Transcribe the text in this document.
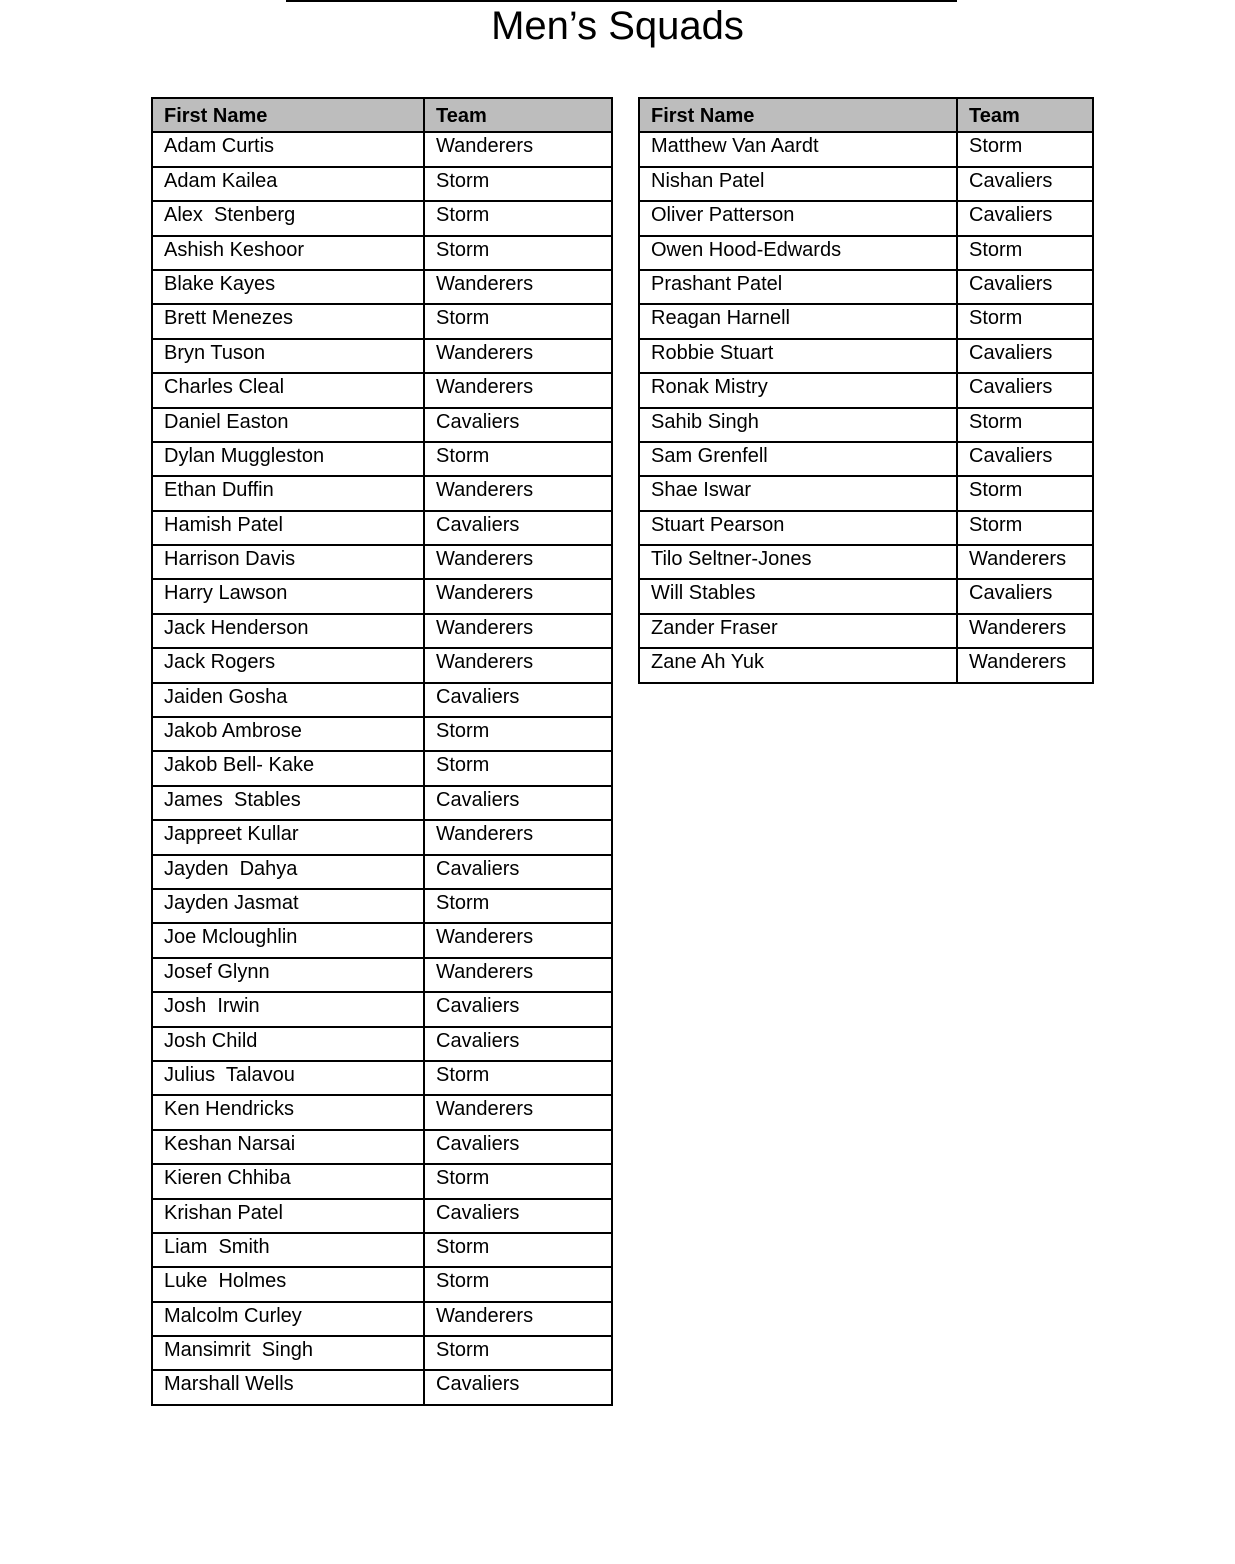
Men’s Squads
First Name	Team
Adam Curtis	Wanderers
Adam Kailea	Storm
Alex  Stenberg	Storm
Ashish Keshoor	Storm
Blake Kayes	Wanderers
Brett Menezes	Storm
Bryn Tuson	Wanderers
Charles Cleal	Wanderers
Daniel Easton	Cavaliers
Dylan Muggleston	Storm
Ethan Duffin	Wanderers
Hamish Patel	Cavaliers
Harrison Davis	Wanderers
Harry Lawson	Wanderers
Jack Henderson	Wanderers
Jack Rogers	Wanderers
Jaiden Gosha	Cavaliers
Jakob Ambrose	Storm
Jakob Bell- Kake	Storm
James  Stables	Cavaliers
Jappreet Kullar	Wanderers
Jayden  Dahya	Cavaliers
Jayden Jasmat	Storm
Joe Mcloughlin	Wanderers
Josef Glynn	Wanderers
Josh  Irwin	Cavaliers
Josh Child	Cavaliers
Julius  Talavou	Storm
Ken Hendricks	Wanderers
Keshan Narsai	Cavaliers
Kieren Chhiba	Storm
Krishan Patel	Cavaliers
Liam  Smith	Storm
Luke  Holmes	Storm
Malcolm Curley	Wanderers
Mansimrit  Singh	Storm
Marshall Wells	Cavaliers
First Name	Team
Matthew Van Aardt	Storm
Nishan Patel	Cavaliers
Oliver Patterson	Cavaliers
Owen Hood-Edwards	Storm
Prashant Patel	Cavaliers
Reagan Harnell	Storm
Robbie Stuart	Cavaliers
Ronak Mistry	Cavaliers
Sahib Singh	Storm
Sam Grenfell	Cavaliers
Shae Iswar	Storm
Stuart Pearson	Storm
Tilo Seltner-Jones	Wanderers
Will Stables	Cavaliers
Zander Fraser	Wanderers
Zane Ah Yuk	Wanderers
